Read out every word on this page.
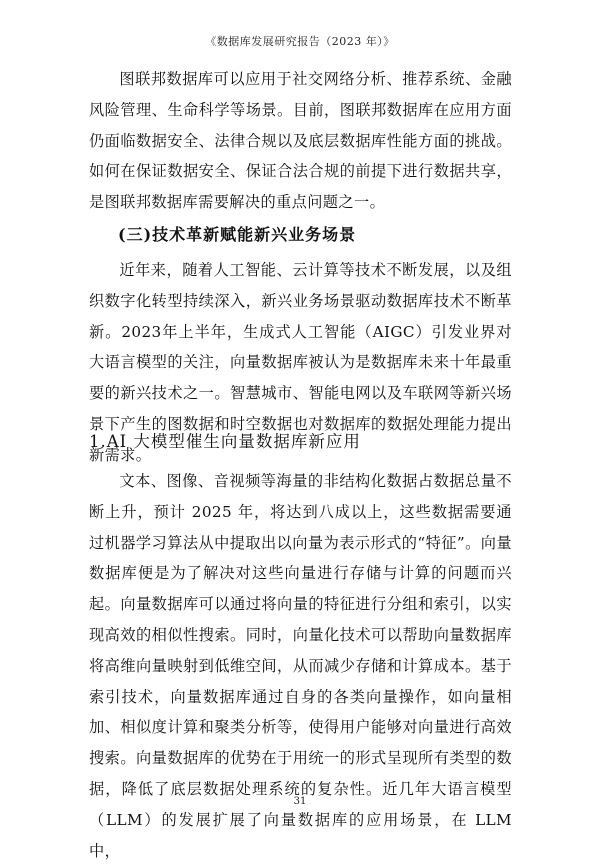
《数据库发展研究报告（2023 年）》

图联邦数据库可以应用于社交网络分析、推荐系统、金融风险管理、生命科学等场景。目前，图联邦数据库在应用方面仍面临数据安全、法律合规以及底层数据库性能方面的挑战。如何在保证数据安全、保证合法合规的前提下进行数据共享，是图联邦数据库需要解决的重点问题之一。

(三)技术革新赋能新兴业务场景

近年来，随着人工智能、云计算等技术不断发展，以及组织数字化转型持续深入，新兴业务场景驱动数据库技术不断革新。2023年上半年，生成式人工智能（AIGC）引发业界对大语言模型的关注，向量数据库被认为是数据库未来十年最重要的新兴技术之一。智慧城市、智能电网以及车联网等新兴场景下产生的图数据和时空数据也对数据库的数据处理能力提出新需求。

1.AI 大模型催生向量数据库新应用

文本、图像、音视频等海量的非结构化数据占数据总量不断上升，预计 2025 年，将达到八成以上，这些数据需要通过机器学习算法从中提取出以向量为表示形式的“特征”。向量数据库便是为了解决对这些向量进行存储与计算的问题而兴起。向量数据库可以通过将向量的特征进行分组和索引，以实现高效的相似性搜索。同时，向量化技术可以帮助向量数据库将高维向量映射到低维空间，从而减少存储和计算成本。基于索引技术，向量数据库通过自身的各类向量操作，如向量相加、相似度计算和聚类分析等，使得用户能够对向量进行高效搜索。向量数据库的优势在于用统一的形式呈现所有类型的数据，降低了底层数据处理系统的复杂性。近几年大语言模型（LLM）的发展扩展了向量数据库的应用场景，在 LLM 中，

31
